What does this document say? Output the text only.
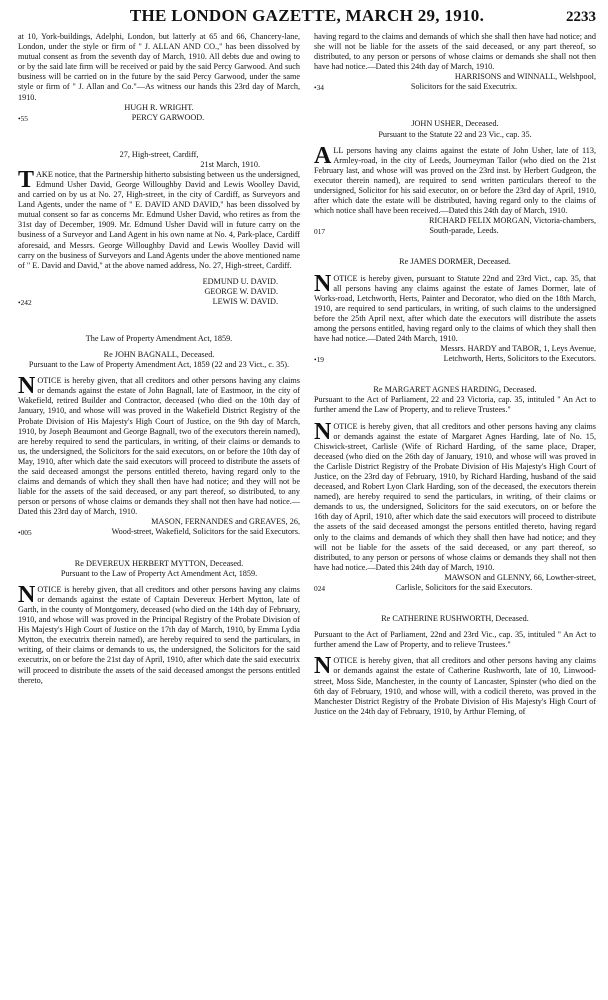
THE LONDON GAZETTE, MARCH 29, 1910.	2233

at 10, York-buildings, Adelphi, London, but latterly at 65 and 66, Chancery-lane, London, under the style or firm of " J. ALLAN AND CO.," has been dissolved by mutual consent as from the seventh day of March, 1910. All debts due and owing to or by the said late firm will be received or paid by the said Percy Garwood. And such business will be carried on in the future by the said Percy Garwood, under the same style or firm of " J. Allan and Co."—As witness our hands this 23rd day of March, 1910.

HUGH R. WRIGHT.

•55	PERCY GARWOOD.

27, High-street, Cardiff,

21st March, 1910.

TAKE notice, that the Partnership hitherto subsisting between us the undersigned, Edmund Usher David, George Willoughby David and Lewis Woolley David, and carried on by us at No. 27, High-street, in the city of Cardiff, as Surveyors and Land Agents, under the name of " E. DAVID AND DAVID," has been dissolved by mutual consent so far as concerns Mr. Edmund Usher David, who retires as from the 31st day of December, 1909. Mr. Edmund Usher David will in future carry on the business of a Surveyor and Land Agent in his own name at No. 4, Park-place, Cardiff aforesaid, and Messrs. George Willoughby David and Lewis Woolley David will carry on the business of Surveyors and Land Agents under the above mentioned name of " E. David and David," at the above named address, No. 27, High-street, Cardiff.

EDMUND U. DAVID.

GEORGE W. DAVID.

•242	LEWIS W. DAVID.

The Law of Property Amendment Act, 1859.

Re JOHN BAGNALL, Deceased.

Pursuant to the Law of Property Amendment Act, 1859 (22 and 23 Vict., c. 35).

NOTICE is hereby given, that all creditors and other persons having any claims or demands against the estate of John Bagnall, late of Eastmoor, in the city of Wakefield, retired Builder and Contractor, deceased (who died on the 10th day of January, 1910, and whose will was proved in the Wakefield District Registry of the Probate Division of His Majesty's High Court of Justice, on the 9th day of March, 1910, by Joseph Beaumont and George Bagnall, two of the executors therein named), are hereby required to send the particulars, in writing, of their claims or demands to us, the undersigned, the Solicitors for the said executors, on or before the 10th day of May, 1910, after which date the said executors will proceed to distribute the assets of the said deceased amongst the persons entitled thereto, having regard only to the claims and demands of which they shall then have had notice; and they will not be liable for the assets of the said deceased, or any part thereof, so distributed, to any person or persons of whose claims or demands they shall not then have had notice.—Dated this 23rd day of March, 1910.

MASON, FERNANDES and GREAVES, 26,

•005	Wood-street, Wakefield, Solicitors for the said Executors.

Re DEVEREUX HERBERT MYTTON, Deceased.

Pursuant to the Law of Property Act Amendment Act, 1859.

NOTICE is hereby given, that all creditors and other persons having any claims or demands against the estate of Captain Devereux Herbert Mytton, late of Garth, in the county of Montgomery, deceased (who died on the 14th day of February, 1910, and whose will was proved in the Principal Registry of the Probate Division of His Majesty's High Court of Justice on the 17th day of March, 1910, by Emma Lydia Mytton, the executrix therein named), are hereby required to send the particulars, in writing, of their claims or demands to us, the undersigned, the Solicitors for the said executrix, on or before the 21st day of April, 1910, after which date the said executrix will proceed to distribute the assets of the said deceased amongst the persons entitled thereto,

having regard to the claims and demands of which she shall then have had notice; and she will not be liable for the assets of the said deceased, or any part thereof, so distributed, to any person or persons of whose claims or demands she shall not then have had notice.—Dated this 24th day of March, 1910.

HARRISONS and WINNALL, Welshpool,

•34	Solicitors for the said Executrix.

JOHN USHER, Deceased.

Pursuant to the Statute 22 and 23 Vic., cap. 35.

ALL persons having any claims against the estate of John Usher, late of 113, Armley-road, in the city of Leeds, Journeyman Tailor (who died on the 21st February last, and whose will was proved on the 23rd inst. by Herbert Gudgeon, the executor therein named), are required to send written particulars thereof to the undersigned, Solicitor for his said executor, on or before the 23rd day of April, 1910, after which date the estate will be distributed, having regard only to the claims of which notice shall have been received.—Dated this 24th day of March, 1910.

RICHARD FELIX MORGAN, Victoria-chambers,

017	South-parade, Leeds.

Re JAMES DORMER, Deceased.

NOTICE is hereby given, pursuant to Statute 22nd and 23rd Vict., cap. 35, that all persons having any claims against the estate of James Dormer, late of Works-road, Letchworth, Herts, Painter and Decorator, who died on the 18th March, 1910, are required to send particulars, in writing, of such claims to the undersigned before the 25th April next, after which date the executors will distribute the assets among the persons entitled, having regard only to the claims of which they shall then have had notice.—Dated 24th March, 1910.

Messrs. HARDY and TABOR, 1, Leys Avenue,

•19	Letchworth, Herts, Solicitors to the Executors.

Re MARGARET AGNES HARDING, Deceased.

Pursuant to the Act of Parliament, 22 and 23 Victoria, cap. 35, intituled " An Act to further amend the Law of Property, and to relieve Trustees."

NOTICE is hereby given, that all creditors and other persons having any claims or demands against the estate of Margaret Agnes Harding, late of No. 15, Chiswick-street, Carlisle (Wife of Richard Harding, of the same place, Draper, deceased (who died on the 26th day of January, 1910, and whose will was proved in the Carlisle District Registry of the Probate Division of His Majesty's High Court of Justice, on the 23rd day of February, 1910, by Richard Harding, husband of the said deceased, and Robert Lyon Clark Harding, son of the deceased, the executors therein named), are hereby required to send the particulars, in writing, of their claims or demands to us, the undersigned, Solicitors for the said executors, on or before the 16th day of April, 1910, after which date the said executors will proceed to distribute the assets of the said deceased amongst the persons entitled thereto, having regard only to the claims and demands of which they shall then have had notice; and they will not be liable for the assets of the said deceased, or any part thereof, so distributed, to any person or persons of whose claims or demands they shall not then have had notice.—Dated this 24th day of March, 1910.

MAWSON and GLENNY, 66, Lowther-street,

024	Carlisle, Solicitors for the said Executors.

Re CATHERINE RUSHWORTH, Deceased.

Pursuant to the Act of Parliament, 22nd and 23rd Vic., cap. 35, intituled " An Act to further amend the Law of Property, and to relieve Trustees."

NOTICE is hereby given, that all creditors and other persons having any claims or demands against the estate of Catherine Rushworth, late of 10, Linwood-street, Moss Side, Manchester, in the county of Lancaster, Spinster (who died on the 6th day of February, 1910, and whose will, with a codicil thereto, was proved in the Manchester District Registry of the Probate Division of His Majesty's High Court of Justice on the 24th day of February, 1910, by Arthur Fleming, of
